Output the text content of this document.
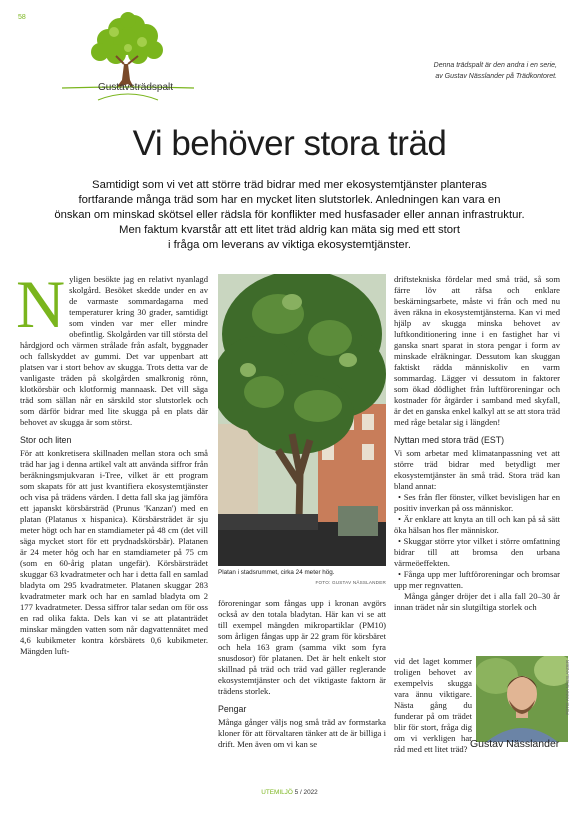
58
Gustavsträdspalt
Denna trädspalt är den andra i en serie,
av Gustav Nässlander på Trädkontoret.
Vi behöver stora träd
Samtidigt som vi vet att större träd bidrar med mer ekosystemtjänster planteras
fortfarande många träd som har en mycket liten slutstorlek. Anledningen kan vara en
önskan om minskad skötsel eller rädsla för konflikter med husfasader eller annan infrastruktur.
Men faktum kvarstår att ett litet träd aldrig kan mäta sig med ett stort
i fråga om leverans av viktiga ekosystemtjänster.
N yligen besökte jag en relativt nyanlagd skolgård. Besöket skedde under en av de varmaste sommardagarna med temperaturer kring 30 grader, samtidigt som vinden var mer eller mindre obefintlig. Skolgården var till största del hårdgjord och värmen strålade från asfalt, byggnader och fallskyddet av gummi. Det var uppenbart att platsen var i stort behov av skugga. Trots detta var de vanligaste träden på skolgården smalkronig rönn, klotkörsbär och klotformig mannaask. Det vill säga träd som sällan når en särskild stor slutstorlek och som därför bidrar med lite skugga på en plats där behovet av skugga är som störst.

Stor och liten

För att konkretisera skillnaden mellan stora och små träd har jag i denna artikel valt att använda siffror från beräkningsmjukvaran i-Tree, vilket är ett program som skapats för att just kvantifiera ekosystemtjänster och visa på trädens värden. I detta fall ska jag jämföra ett japanskt körsbärsträd (Prunus 'Kanzan') med en platan (Platanus x hispanica). Körsbärsträdet är sju meter högt och har en stamdiameter på 48 cm (det vill säga mycket stort för ett prydnadskörsbär). Platanen är 24 meter hög och har en stamdiameter på 75 cm (som en 60-årig platan ungefär). Körsbärsträdet skuggar 63 kvadratmeter och har i detta fall en samlad bladyta om 295 kvadratmeter. Platanen skuggar 283 kvadratmeter mark och har en samlad bladyta om 2 177 kvadratmeter. Dessa siffror talar sedan om för oss en rad olika fakta. Dels kan vi se att platanträdet minskar mängden vatten som når dagvattennätet med 4,6 kubikmeter kontra körsbärets 0,6 kubikmeter. Mängden luft-

Platan i stadsrummet, cirka 24 meter hög.
FOTO: GUSTAV NÄSSLANDER

föroreningar som fångas upp i kronan avgörs också av den totala bladytan. Här kan vi se att till exempel mängden mikropartiklar (PM10) som årligen fångas upp är 22 gram för körsbäret och hela 163 gram (samma vikt som fyra snusdosor) för platanen. Det är helt enkelt stor skillnad på träd och träd vad gäller reglerande ekosystemtjänster och det viktigaste faktorn är trädens storlek.

Pengar

Många gånger väljs nog små träd av formstarka kloner för att förvaltaren tänker att de är billiga i drift. Men även om vi kan se

driftstekniska fördelar med små träd, så som färre löv att räfsa och enklare beskärningsarbete, måste vi från och med nu även räkna in ekosystemtjänsterna. Kan vi med hjälp av skugga minska behovet av luftkonditionering inne i en fastighet har vi ganska snart sparat in stora pengar i form av minskade elräkningar. Dessutom kan skuggan faktiskt rädda människoliv en varm sommardag. Lägger vi dessutom in faktorer som ökad dödlighet från luftföroreningar och kostnader för åtgärder i samband med skyfall, är det en ganska enkel kalkyl att se att stora träd med råge betalar sig i längden!

Nyttan med stora träd (EST)

Vi som arbetar med klimatanpassning vet att större träd bidrar med betydligt mer ekosystemtjänster än små träd. Stora träd kan bland annat:

• Ses från fler fönster, vilket bevisligen har en positiv inverkan på oss människor.

• Är enklare att knyta an till och kan på så sätt öka hälsan hos fler människor.

• Skuggar större ytor vilket i större omfattning bidrar till att bromsa den urbana värmeöeffekten.

• Fånga upp mer luftföroreningar och bromsar upp mer regnvatten.

Många gånger dröjer det i alla fall 20–30 år innan trädet når sin slutgiltiga storlek och

vid det laget kommer troligen behovet av exempelvis skugga vara ännu viktigare. Nästa gång du funderar på om trädet blir för stort, fråga dig om vi verkligen har råd med ett litet träd?
FOTO: ANNA NÄSSLANDER
Gustav Nässlander
UTEMILJÖ 5 / 2022
